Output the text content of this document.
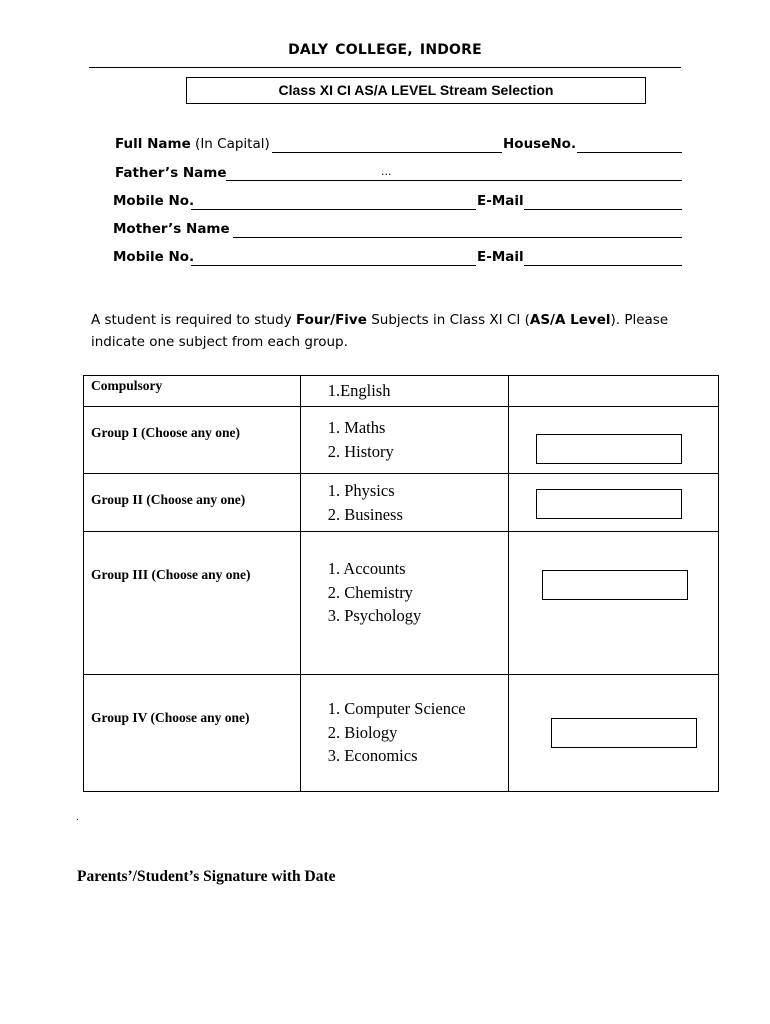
DALY COLLEGE, INDORE
Class XI CI AS/A LEVEL Stream Selection
Full Name (In Capital)	HouseNo.
Father’s Name	...
Mobile No.	E-Mail
Mother’s Name
Mobile No.	E-Mail
A student is required to study Four/Five Subjects in Class XI CI (AS/A Level). Please indicate one subject from each group.
Compulsory	1.English	

Group I (Choose any one)	1. Maths
2. History	

Group II (Choose any one)	1. Physics
2. Business	

Group III (Choose any one)	1. Accounts
2. Chemistry
3. Psychology	

Group IV (Choose any one)	1. Computer Science
2. Biology
3. Economics	

.
Parents’/Student’s Signature with Date
